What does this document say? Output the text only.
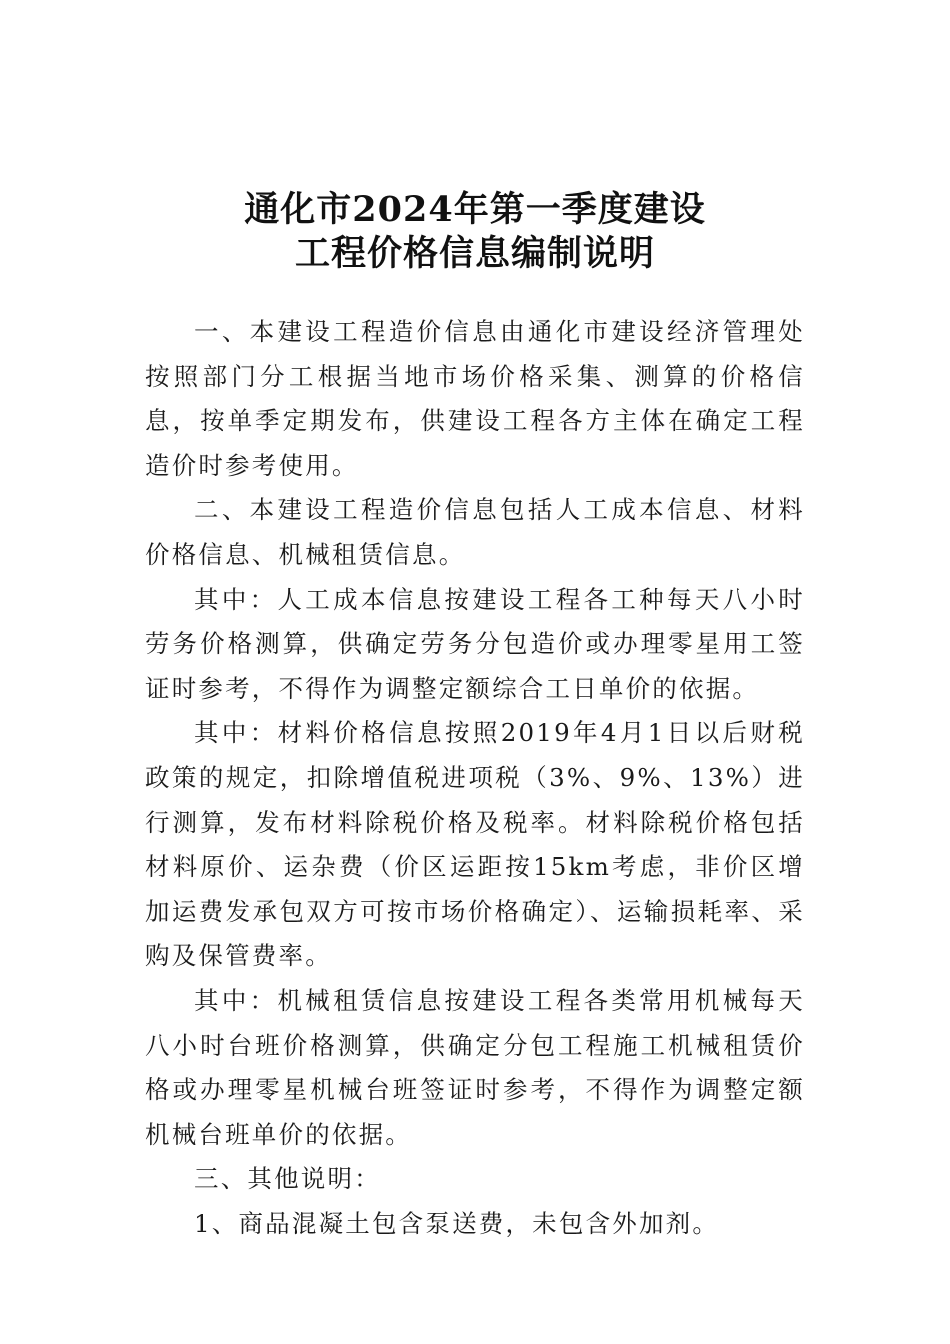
通化市2024年第一季度建设
工程价格信息编制说明

一、本建设工程造价信息由通化市建设经济管理处按照部门分工根据当地市场价格采集、测算的价格信息，按单季定期发布，供建设工程各方主体在确定工程造价时参考使用。

二、本建设工程造价信息包括人工成本信息、材料价格信息、机械租赁信息。

其中：人工成本信息按建设工程各工种每天八小时劳务价格测算，供确定劳务分包造价或办理零星用工签证时参考，不得作为调整定额综合工日单价的依据。

其中：材料价格信息按照2019年4月1日以后财税政策的规定，扣除增值税进项税（3%、9%、13%）进行测算，发布材料除税价格及税率。材料除税价格包括材料原价、运杂费（价区运距按15km考虑，非价区增加运费发承包双方可按市场价格确定）、运输损耗率、采购及保管费率。

其中：机械租赁信息按建设工程各类常用机械每天八小时台班价格测算，供确定分包工程施工机械租赁价格或办理零星机械台班签证时参考，不得作为调整定额机械台班单价的依据。

三、其他说明：

1、商品混凝土包含泵送费，未包含外加剂。
